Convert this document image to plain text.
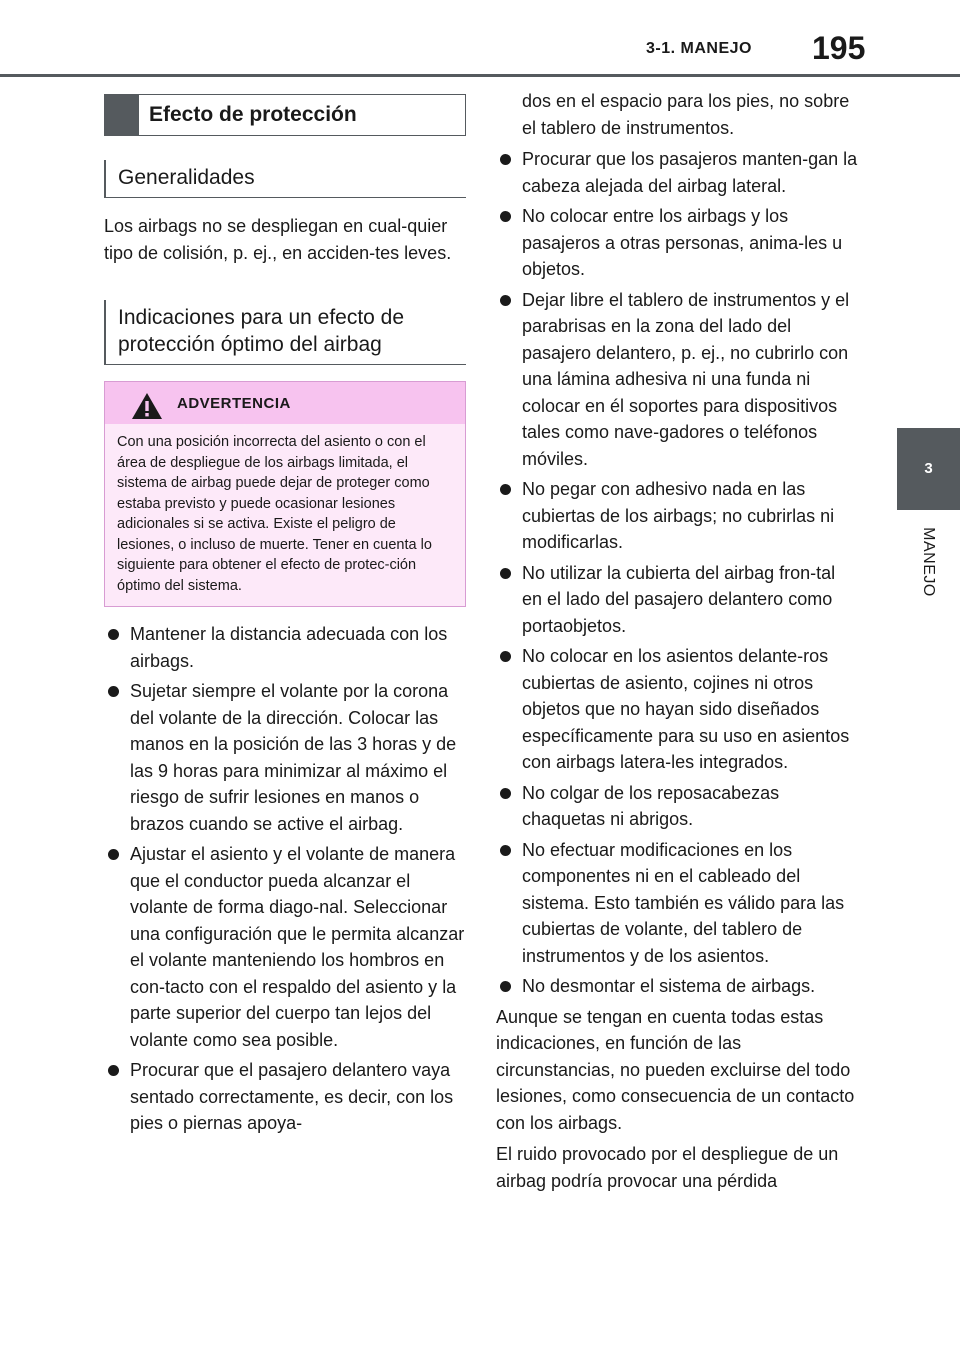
3-1. MANEJO 195
3
MANEJO
Efecto de protección
Generalidades

Los airbags no se despliegan en cual-quier tipo de colisión, p. ej., en acciden-tes leves.

Indicaciones para un efecto de protección óptimo del airbag
ADVERTENCIA
Con una posición incorrecta del asiento o con el área de despliegue de los airbags limitada, el sistema de airbag puede dejar de proteger como estaba previsto y puede ocasionar lesiones adicionales si se activa. Existe el peligro de lesiones, o incluso de muerte. Tener en cuenta lo siguiente para obtener el efecto de protec-ción óptimo del sistema.
Mantener la distancia adecuada con los airbags.
Sujetar siempre el volante por la corona del volante de la dirección. Colocar las manos en la posición de las 3 horas y de las 9 horas para minimizar al máximo el riesgo de sufrir lesiones en manos o brazos cuando se active el airbag.
Ajustar el asiento y el volante de manera que el conductor pueda alcanzar el volante de forma diago-nal. Seleccionar una configuración que le permita alcanzar el volante manteniendo los hombros en con-tacto con el respaldo del asiento y la parte superior del cuerpo tan lejos del volante como sea posible.
Procurar que el pasajero delantero vaya sentado correctamente, es decir, con los pies o piernas apoya-

dos en el espacio para los pies, no sobre el tablero de instrumentos.

Procurar que los pasajeros manten-gan la cabeza alejada del airbag lateral.
No colocar entre los airbags y los pasajeros a otras personas, anima-les u objetos.
Dejar libre el tablero de instrumentos y el parabrisas en la zona del lado del pasajero delantero, p. ej., no cubrirlo con una lámina adhesiva ni una funda ni colocar en él soportes para dispositivos tales como nave-gadores o teléfonos móviles.
No pegar con adhesivo nada en las cubiertas de los airbags; no cubrirlas ni modificarlas.
No utilizar la cubierta del airbag fron-tal en el lado del pasajero delantero como portaobjetos.
No colocar en los asientos delante-ros cubiertas de asiento, cojines ni otros objetos que no hayan sido diseñados específicamente para su uso en asientos con airbags latera-les integrados.
No colgar de los reposacabezas chaquetas ni abrigos.
No efectuar modificaciones en los componentes ni en el cableado del sistema. Esto también es válido para las cubiertas de volante, del tablero de instrumentos y de los asientos.
No desmontar el sistema de airbags.

Aunque se tengan en cuenta todas estas indicaciones, en función de las circunstancias, no pueden excluirse del todo lesiones, como consecuencia de un contacto con los airbags.

El ruido provocado por el despliegue de un airbag podría provocar una pérdida
